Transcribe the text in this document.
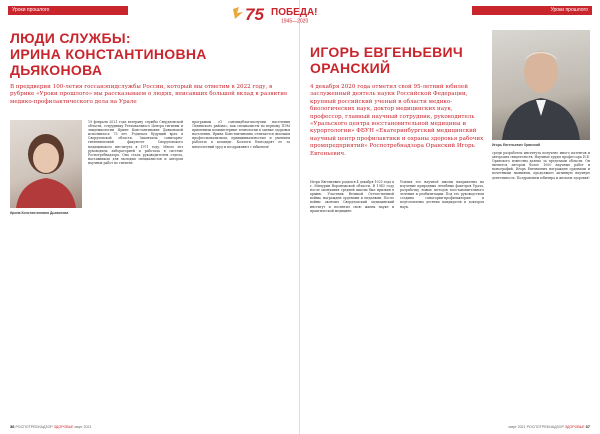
Уроки прошлого
ЛЮДИ СЛУЖБЫ:
ИРИНА КОНСТАНТИНОВНА
ДЬЯКОНОВА

В преддверии 100-летия госсанэпидслужбы России, который мы отметим в 2022 году, в рубрике «Уроки прошлого» мы рассказываем о людях, вписавших большой вклад в развитие медико-профилактического дела на Урале

Ирина Константиновна Дьяконова

19 февраля 2021 года ветерану службы Свердловской области, сотруднику Регионального Центра гигиены и эпидемиологии Ирине Константиновне Дьяконовой исполнилось 75 лет. Родилась будущий врач в Свердловской области. Закончила санитарно-гигиенический факультет Свердловского медицинского института в 1971 году. Много лет руководила лабораторией и работала в системе Роспотребнадзора. Она стала руководителем отдела, наставником для молодых специалистов и автором научных работ по гигиене.

программы «О санэпидблагополучии населения Ленинского района», как специалисты по первому ПЭМ применили компьютерные технологии в оценке здоровья населения. Ирина Константиновна отличается высоким профессионализмом, принципиальностью и умением работать в команде. Коллеги благодарят ее за многолетний труд и поздравляют с юбилеем!

36 РОСПОТРЕБНАДЗОР ЗДОРОВЬЕ март 2021
Уроки прошлого
ИГОРЬ ЕВГЕНЬЕВИЧ
ОРАНСКИЙ

4 декабря 2020 года отметил свой 95-летний юбилей заслуженный деятель науки Российской Федерации, крупный российский ученый в области медико-биологических наук, доктор медицинских наук, профессор, главный научный сотрудник, руководитель «Уральского центра восстановительной медицины и курортологии» ФБУН «Екатеринбургский медицинский научный центр профилактики и охраны здоровья рабочих промпредприятий» Роспотребнадзора Оранский Игорь Евгеньевич.

Игорь Евгеньевич Оранский

Игорь Евгеньевич родился 4 декабря 1925 года в г. Мичурин Воронежской области. В 1943 году после окончания средней школы был призван в армию. Участник Великой Отечественной войны, награжден орденами и медалями. После войны окончил Свердловский медицинский институт и посвятил свою жизнь науке и практической медицине.

Усилия его научной школы направлены на изучение природных лечебных факторов Урала, разработку новых методов восстановительного лечения и реабилитации. Под его руководством созданы санатории-профилактории и подготовлены десятки кандидатов и докторов наук.

среди разработок института получено много патентов и авторских свидетельств. Научные труды профессора И.Е. Оранского известны далеко за пределами области. Он является автором более 1000 научных работ и монографий. Игорь Евгеньевич награжден орденами и почетными званиями, продолжает активную научную деятельность. Поздравляем юбиляра и желаем здоровья!

март 2021 РОСПОТРЕБНАДЗОР ЗДОРОВЬЕ 37
75 ПОБЕДА!
1945—2020
